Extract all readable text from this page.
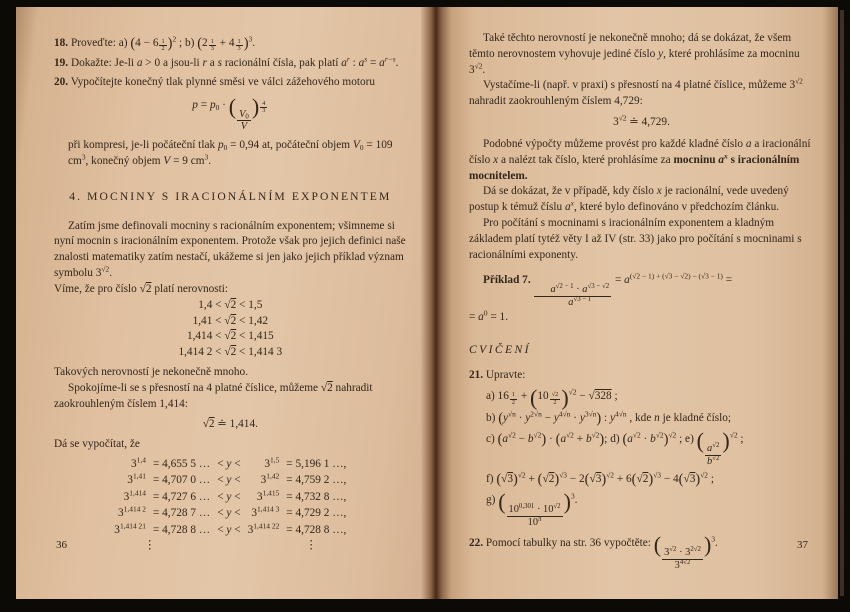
18. Proveďte: a) $(4 - 6 \frac{1}{2} )^2$ ; b) $(2 \frac{1}{3} + 4 \frac{1}{3} )^3$.
19. Dokažte: Je-li a > 0 a jsou-li r a s racionální čísla, pak platí $a^r$ : $a^s = a^{r-s}$.
20. Vypočítejte konečný tlak plynné směsi ve válci zážehového motoru
$p = p_0$ · (
$\frac{V_0}{V}$
) $\frac{4}{3}$
při kompresi, je-li počáteční tlak $p_0 = 0,94$ at, počáteční objem $V_0 = 109$ $cm^3$, konečný objem V = 9 $cm^3$.
4. MOCNINY S IRACIONÁLNÍM EXPONENTEM

Zatím jsme definovali mocniny s racionálním exponentem; všimneme si nyní mocnin s iracionálním exponentem. Protože však pro jejich definici naše znalosti matematiky zatím nestačí, ukážeme si jen jako jejich příklad význam symbolu $3^{√2}$.

Víme, že pro číslo √2 platí nerovnosti:

1,4 < √2 < 1,5
1,41 < √2 < 1,42
1,414 < √2 < 1,415
1,414 2 < √2 < 1,414 3

Takových nerovností je nekonečně mnoho.

Spokojíme-li se s přesností na 4 platné číslice, můžeme √2 nahradit zaokrouhleným číslem 1,414:

√2 ≐ 1,414.

Dá se vypočítat, že

$3^{1,4} = 4,655$ 5 … < $y < 3^{1,5} = 5,196$ 1 …,
$3^{1,41} = 4,707$ 0 … < $y < 3^{1,42} = 4,759$ 2 …,
$3^{1,414} = 4,727$ 6 … < $y < 3^{1,415} = 4,732$ 8 …,
$3^{1,414 2} = 4,728$ 7 … < $y < 3^{1,414 3} = 4,729$ 2 …,
$3^{1,414 21} = 4,728$ 8 … < $y < 3^{1,414 22} = 4,728$ 8 …,
⋮	⋮
36

Také těchto nerovností je nekonečně mnoho; dá se dokázat, že všem těmto nerovnostem vyhovuje jediné číslo y, které prohlásíme za mocninu $3^{√2}$.

Vystačíme-li (např. v praxi) s přesností na 4 platné číslice, můžeme $3^{√2}$ nahradit zaokrouhleným číslem 4,729:

$3^{√2}$ ≐ 4,729.

Podobné výpočty můžeme provést pro každé kladné číslo a a iracionální číslo x a nalézt tak číslo, které prohlásíme za mocninu $a^x$ s iracionálním mocnitelem.

Dá se dokázat, že v případě, kdy číslo x je racionální, vede uvedený postup k témuž číslu $a^x$, které bylo definováno v předchozím článku.

Pro počítání s mocninami s iracionálním exponentem a kladným základem platí tytéž věty I až IV (str. 33) jako pro počítání s mocninami s racionálními exponenty.

Příklad 7.
$\frac{a^{√2 - 1} \cdot a^{√3 - √2}}{a^{√3 - 1}}$
= $a^{(√2 - 1) + (√3 - √2) - (√3 - 1)}$ =
= $a^0 = 1$.
CVIČENÍ
21. Upravte:
a) $16 \frac{1}{2} + (10 \frac{√2}{2} )^{√2} - √328$ ;
b) $(y^{√n} \cdot y^{2√n} - y^{4√n} \cdot y^{3√n})$ : $y^{4√n}$ , kde n je kladné číslo;
c) $(a^{√2} - b^{√2}) \cdot (a^{√2} + b^{√2})$; d) $(a^{√2} \cdot b^{√2})^{√2}$ ; e) (
$\frac{a^{√2}}{b^{√2}}$
)$^{√2}$ ;
f) $(√3)^{√2} + (√2)^{√3} - 2(√3)^{√2} + 6(√2)^{√3} - 4(√3)^{√2}$ ;
g) (
$\frac{10^{0,301} \cdot 10^{√2}}{10^\pi}$
)$^3$.
22. Pomocí tabulky na str. 36 vypočtěte: (
$\frac{3^{√2} \cdot 3^{2√2}}{3^{4√2}}$
)$^3$.	37
